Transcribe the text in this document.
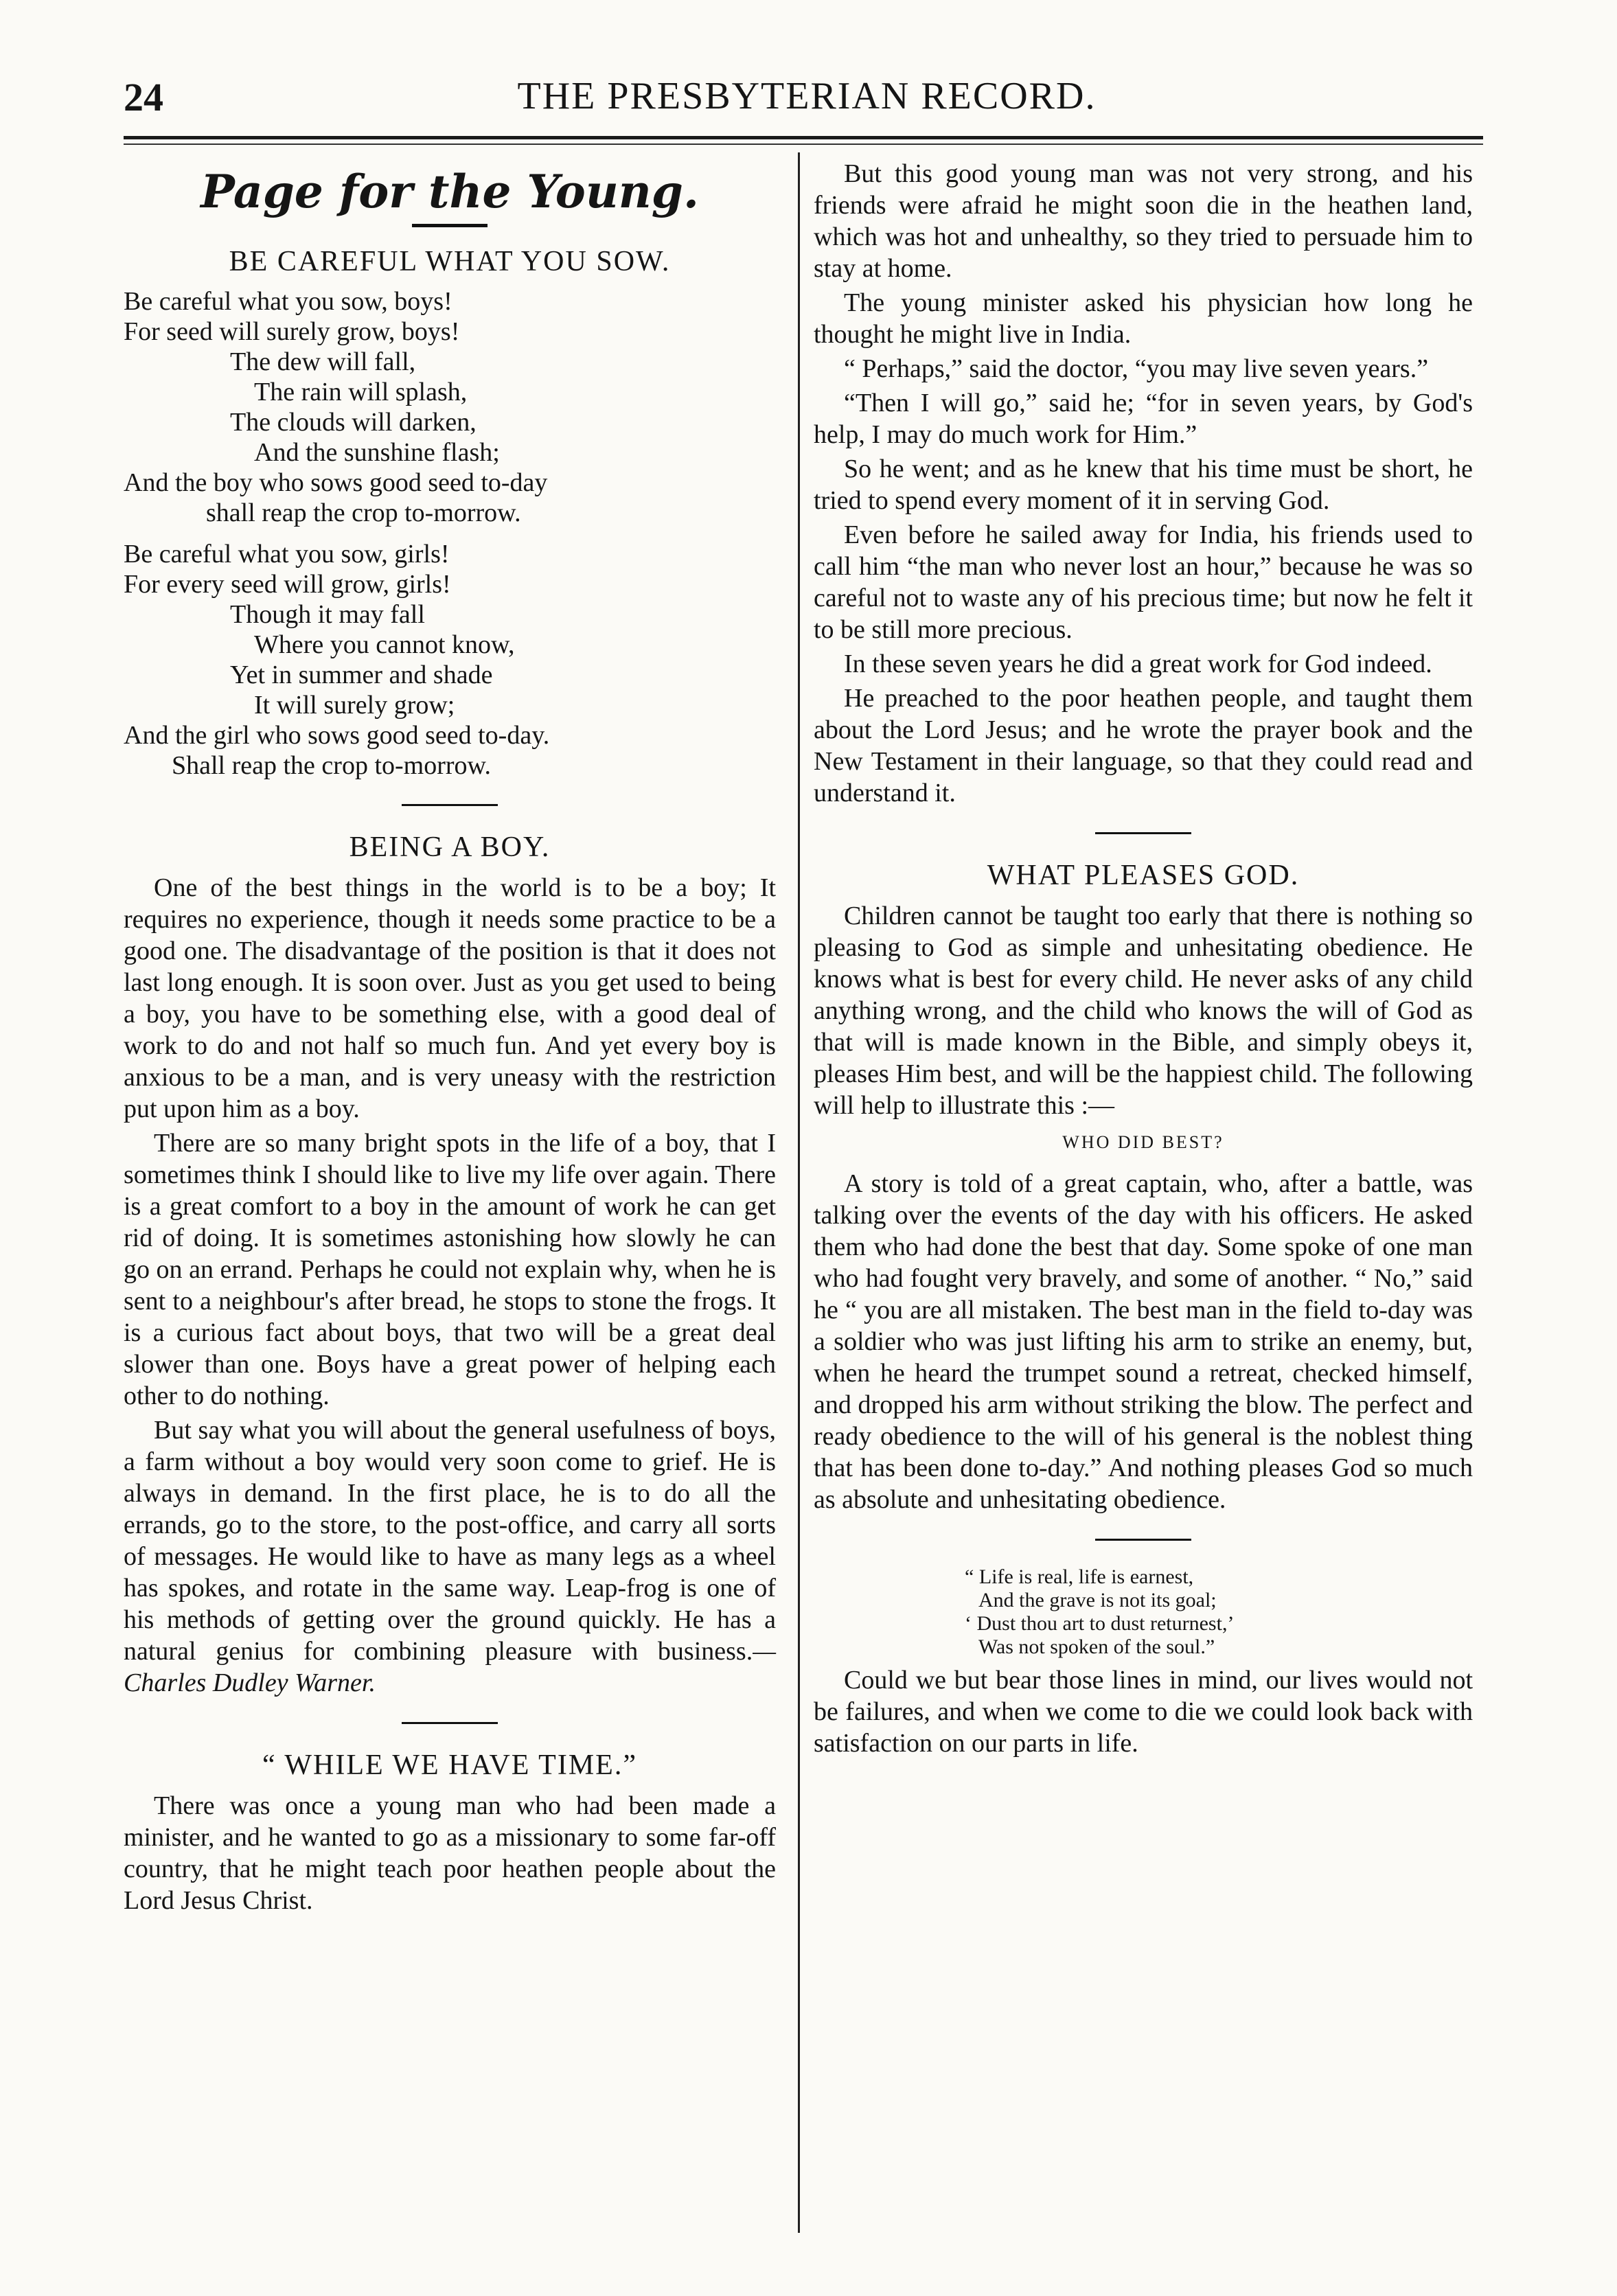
24	THE PRESBYTERIAN RECORD.
Page for the Young.
BE CAREFUL WHAT YOU SOW.
Be careful what you sow, boys!
For seed will surely grow, boys!
The dew will fall,
The rain will splash,
The clouds will darken,
And the sunshine flash;
And the boy who sows good seed to-day
shall reap the crop to-morrow.
Be careful what you sow, girls!
For every seed will grow, girls!
Though it may fall
Where you cannot know,
Yet in summer and shade
It will surely grow;
And the girl who sows good seed to-day.
Shall reap the crop to-morrow.
BEING A BOY.

One of the best things in the world is to be a boy; It requires no experience, though it needs some practice to be a good one. The disadvantage of the position is that it does not last long enough. It is soon over. Just as you get used to being a boy, you have to be something else, with a good deal of work to do and not half so much fun. And yet every boy is anxious to be a man, and is very uneasy with the restriction put upon him as a boy.

There are so many bright spots in the life of a boy, that I sometimes think I should like to live my life over again. There is a great comfort to a boy in the amount of work he can get rid of doing. It is sometimes astonishing how slowly he can go on an errand. Perhaps he could not explain why, when he is sent to a neighbour's after bread, he stops to stone the frogs. It is a curious fact about boys, that two will be a great deal slower than one. Boys have a great power of helping each other to do nothing.

But say what you will about the general usefulness of boys, a farm without a boy would very soon come to grief. He is always in demand. In the first place, he is to do all the errands, go to the store, to the post-office, and carry all sorts of messages. He would like to have as many legs as a wheel has spokes, and rotate in the same way. Leap-frog is one of his methods of getting over the ground quickly. He has a natural genius for combining pleasure with business.—Charles Dudley Warner.

“ WHILE WE HAVE TIME.”

There was once a young man who had been made a minister, and he wanted to go as a missionary to some far-off country, that he might teach poor heathen people about the Lord Jesus Christ.

But this good young man was not very strong, and his friends were afraid he might soon die in the heathen land, which was hot and unhealthy, so they tried to persuade him to stay at home.

The young minister asked his physician how long he thought he might live in India.

“ Perhaps,” said the doctor, “you may live seven years.”

“Then I will go,” said he; “for in seven years, by God's help, I may do much work for Him.”

So he went; and as he knew that his time must be short, he tried to spend every moment of it in serving God.

Even before he sailed away for India, his friends used to call him “the man who never lost an hour,” because he was so careful not to waste any of his precious time; but now he felt it to be still more precious.

In these seven years he did a great work for God indeed.

He preached to the poor heathen people, and taught them about the Lord Jesus; and he wrote the prayer book and the New Testament in their language, so that they could read and understand it.

WHAT PLEASES GOD.

Children cannot be taught too early that there is nothing so pleasing to God as simple and unhesitating obedience. He knows what is best for every child. He never asks of any child anything wrong, and the child who knows the will of God as that will is made known in the Bible, and simply obeys it, pleases Him best, and will be the happiest child. The following will help to illustrate this :—

WHO DID BEST?

A story is told of a great captain, who, after a battle, was talking over the events of the day with his officers. He asked them who had done the best that day. Some spoke of one man who had fought very bravely, and some of another. “ No,” said he “ you are all mistaken. The best man in the field to-day was a soldier who was just lifting his arm to strike an enemy, but, when he heard the trumpet sound a retreat, checked himself, and dropped his arm without striking the blow. The perfect and ready obedience to the will of his general is the noblest thing that has been done to-day.” And nothing pleases God so much as absolute and unhesitating obedience.

“ Life is real, life is earnest,
And the grave is not its goal;
‘ Dust thou art to dust returnest,’
Was not spoken of the soul.”

Could we but bear those lines in mind, our lives would not be failures, and when we come to die we could look back with satisfaction on our parts in life.
